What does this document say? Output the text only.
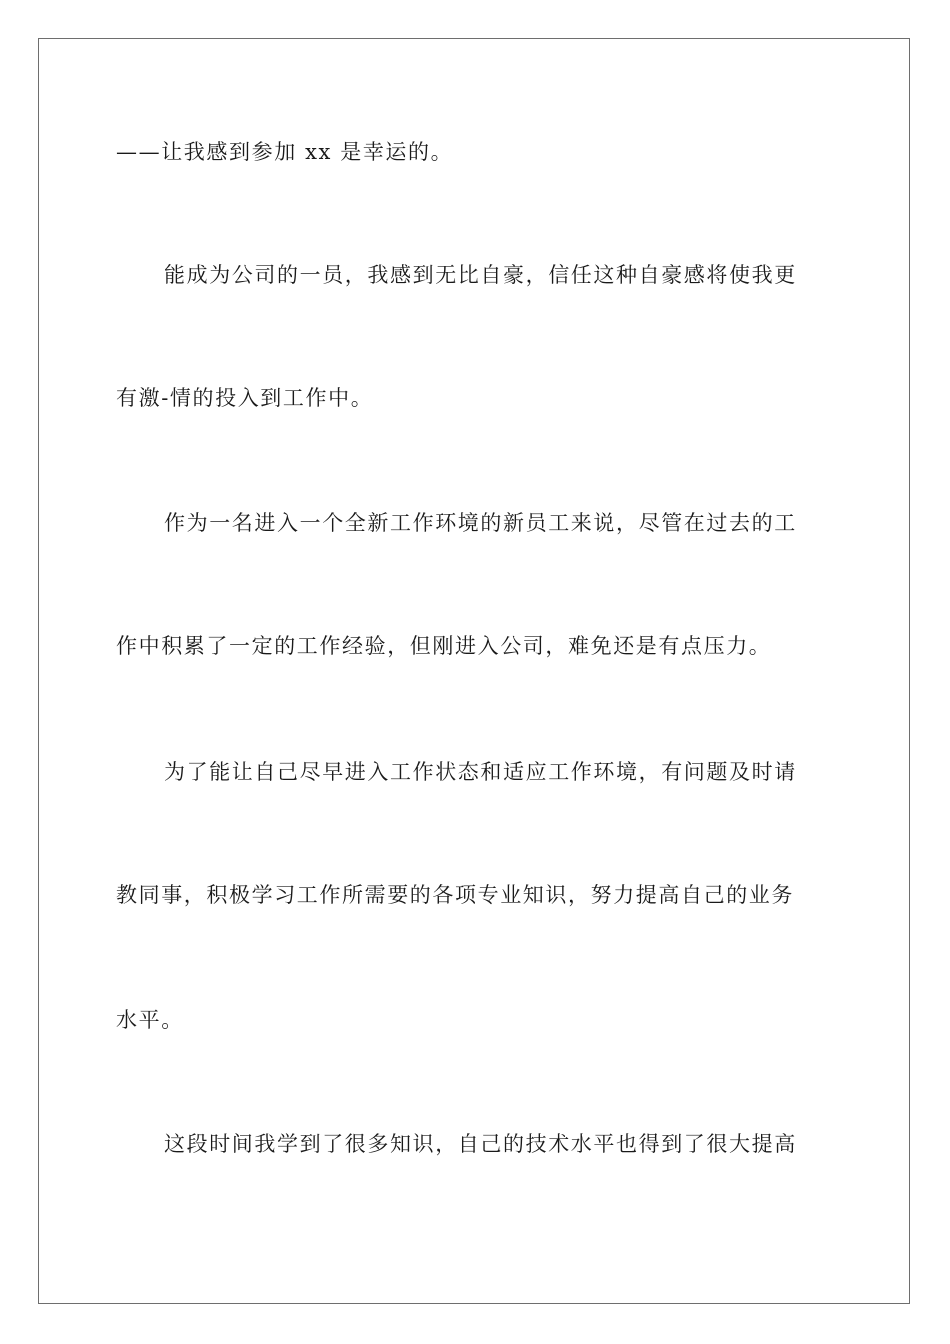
——让我感到参加 xx 是幸运的。
能成为公司的一员，我感到无比自豪，信任这种自豪感将使我更
有激-情的投入到工作中。
作为一名进入一个全新工作环境的新员工来说，尽管在过去的工
作中积累了一定的工作经验，但刚进入公司，难免还是有点压力。
为了能让自己尽早进入工作状态和适应工作环境，有问题及时请
教同事，积极学习工作所需要的各项专业知识，努力提高自己的业务
水平。
这段时间我学到了很多知识，自己的技术水平也得到了很大提高
